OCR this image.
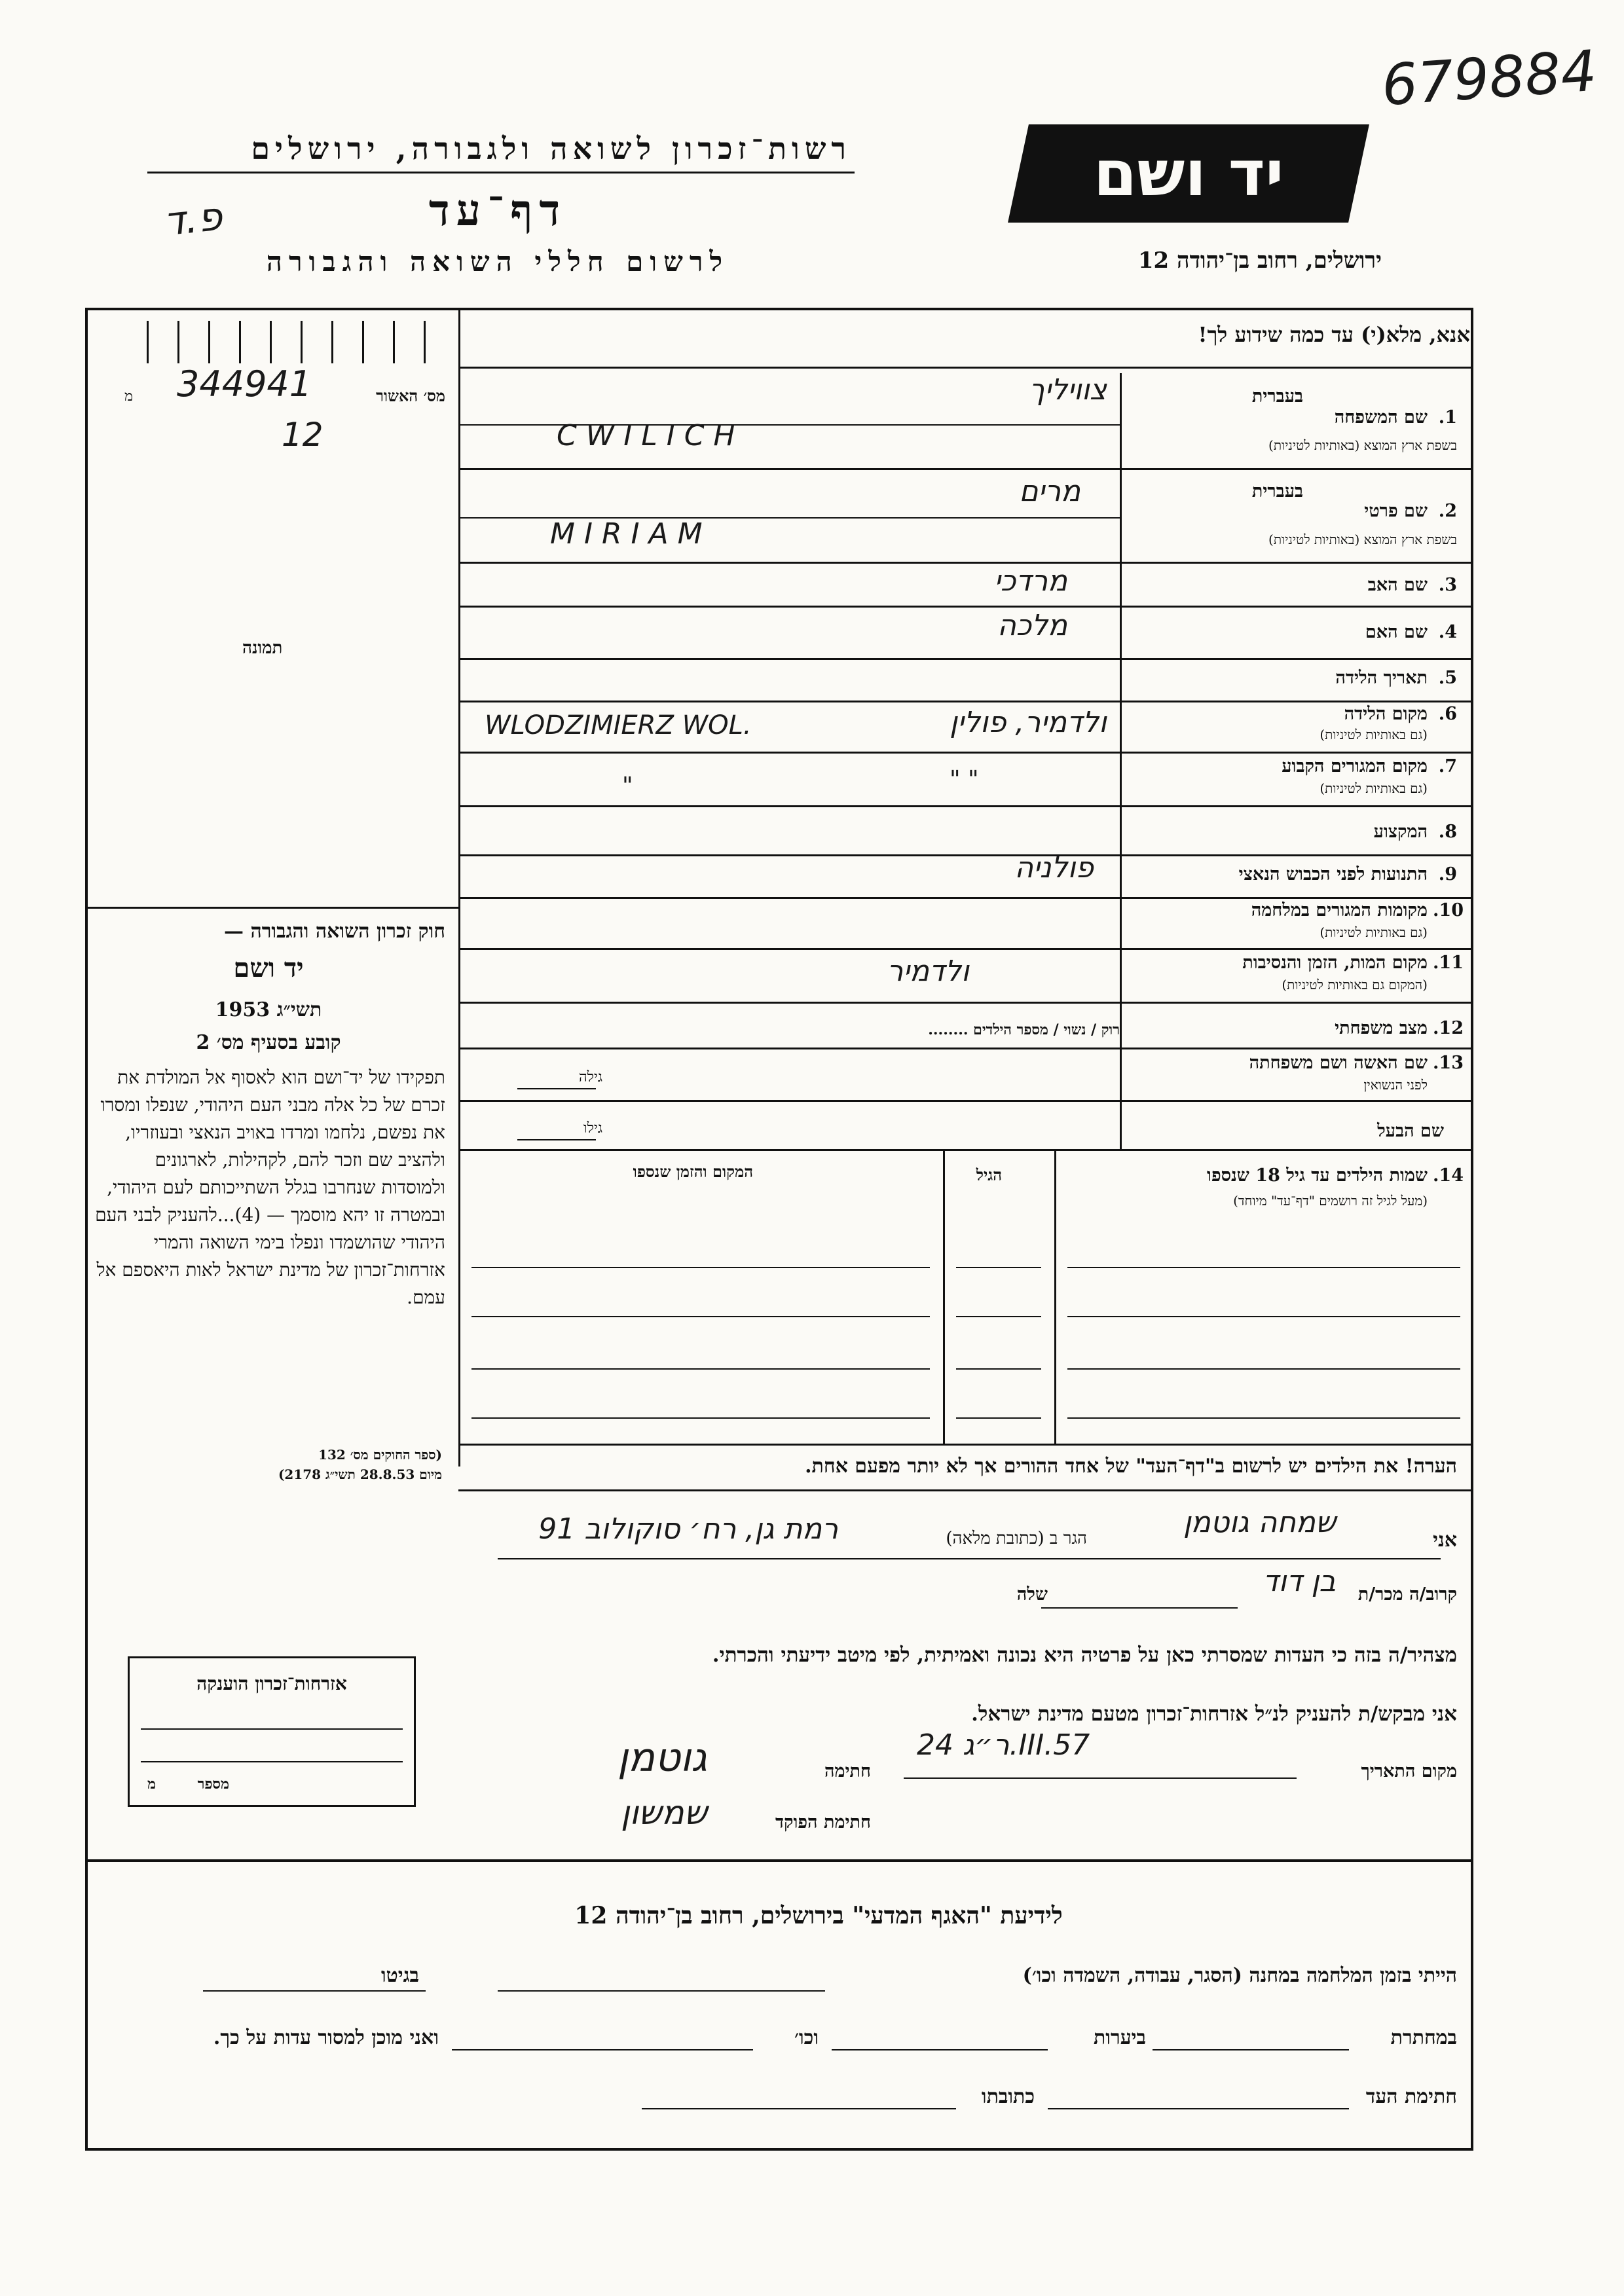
679884
רשות־זכרון לשואה ולגבורה, ירושלים
דף־עד
פ.ד
לרשום חללי השואה והגבורה
יד ושם
ירושלים, רחוב בן־יהודה 12
אנא, מלא(י) עד כמה שידוע לך!
מס׳ האשור
מ 344941
12
תמונה
1.
שם המשפחה
בשפת ארץ המוצא (באותיות לטיניות)
בעברית
צוויליך
CWILICH
2.
שם פרטי
בשפת ארץ המוצא (באותיות לטיניות)
בעברית
מרים
MIRIAM
3.
שם האב
מרדכי
4.
שם האם
מלכה
5.
תאריך הלידה
6.
מקום הלידה
(גם באותיות לטיניות)
ולדמיר, פולין
WLODZIMIERZ WOL.
7.
מקום המגורים הקבוע
(גם באותיות לטיניות)
" "
"
8.
המקצוע
9.
התנועות לפני הכבוש הנאצי
פולניה
10.
מקומות המגורים במלחמה
(גם באותיות לטיניות)
11.
מקום המות, הזמן והנסיבות
(המקום גם באותיות לטיניות)
ולדמיר
12.
מצב משפחתי
רוק / נשוי / מספר הילדים ........
13.
שם האשה ושם משפחתה
לפני הנשואין
גילה
שם הבעל
גילו
14.
שמות הילדים עד גיל 18 שנספו
(מעל לגיל זה רושמים "דף־עד" מיוחד)
הגיל
המקום והזמן שנספו
חוק זכרון השואה והגבורה —
יד ושם
תשי״ג 1953
קובע בסעיף מס׳ 2
תפקידו של יד־ושם הוא לאסוף אל המולדת את זכרם של כל אלה מבני העם היהודי, שנפלו ומסרו את נפשם, נלחמו ומרדו באויב הנאצי ובעוזריו, ולהציב שם וזכר להם, לקהילות, לארגונים ולמוסדות שנחרבו בגלל השתייכותם לעם היהודי, ובמטרה זו יהא מוסמך — (4)...להעניק לבני העם היהודי שהושמדו ונפלו בימי השואה והמרי אזרחות־זכרון של מדינת ישראל לאות היאספם אל עמם.
(ספר החוקים מס׳ 132
מיום 28.8.53 תשי״ג 2178)	הערה! את הילדים יש לרשום ב"דף־העד" של אחד ההורים אך לא יותר מפעם אחת.
אני
שמחה גוטמן
הגר ב (כתובת מלאה)
רמת גן, רח׳ סוקולוב 91
קרוב/ה מכר/ת
בן דוד
שלה
מצהיר/ה בזה כי העדות שמסרתי כאן על פרטיה היא נכונה ואמיתית, לפי מיטב ידיעתי והכרתי.
אני מבקש/ת להעניק לנ״ל אזרחות־זכרון מטעם מדינת ישראל.
מקום התאריך
ר״ג 24.III.57
חתימה
גוטמן
חתימת הפוקד
שמשון
אזרחות־זכרון הוענקה
מספר
מ
לידיעת "האגף המדעי" בירושלים, רחוב בן־יהודה 12
הייתי בזמן המלחמה במחנה (הסגר, עבודה, השמדה וכו׳)
בגיטו
במחתרת
ביערות
וכו׳
ואני מוכן למסור עדות על כך.
חתימת העד
כתובתו
